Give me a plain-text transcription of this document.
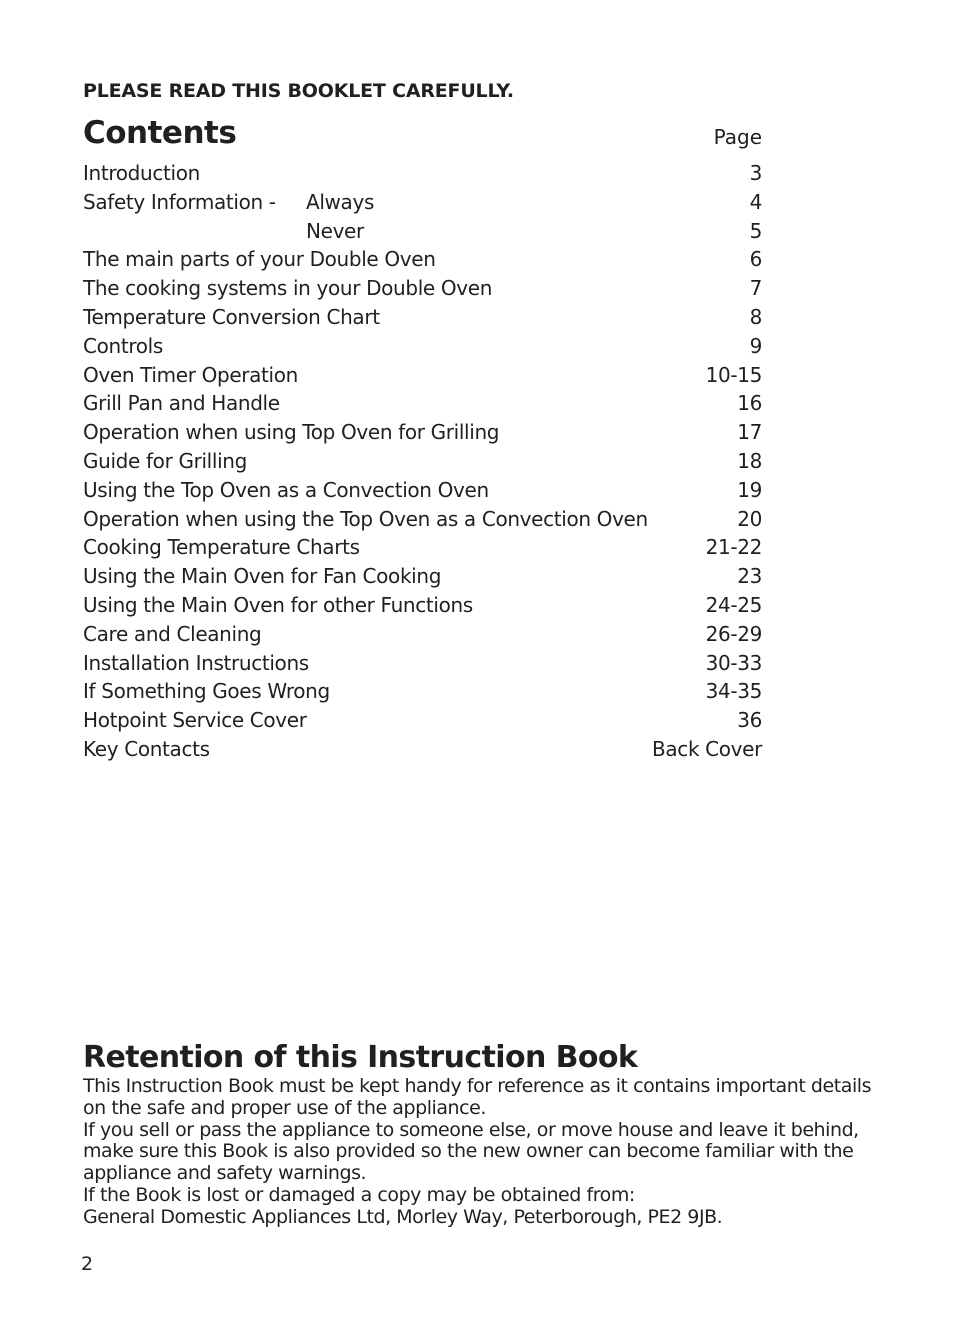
PLEASE READ THIS BOOKLET CAREFULLY.

Contents	Page
Introduction	3
Safety Information - Always	4
Never	5
The main parts of your Double Oven	6
The cooking systems in your Double Oven	7
Temperature Conversion Chart	8
Controls	9
Oven Timer Operation	10-15
Grill Pan and Handle	16
Operation when using Top Oven for Grilling	17
Guide for Grilling	18
Using the Top Oven as a Convection Oven	19
Operation when using the Top Oven as a Convection Oven	20
Cooking Temperature Charts	21-22
Using the Main Oven for Fan Cooking	23
Using the Main Oven for other Functions	24-25
Care and Cleaning	26-29
Installation Instructions	30-33
If Something Goes Wrong	34-35
Hotpoint Service Cover	36
Key Contacts	Back Cover
Retention of this Instruction Book

This Instruction Book must be kept handy for reference as it contains important details on the safe and proper use of the appliance.

If you sell or pass the appliance to someone else, or move house and leave it behind, make sure this Book is also provided so the new owner can become familiar with the appliance and safety warnings.

If the Book is lost or damaged a copy may be obtained from:

General Domestic Appliances Ltd, Morley Way, Peterborough, PE2 9JB.

2
